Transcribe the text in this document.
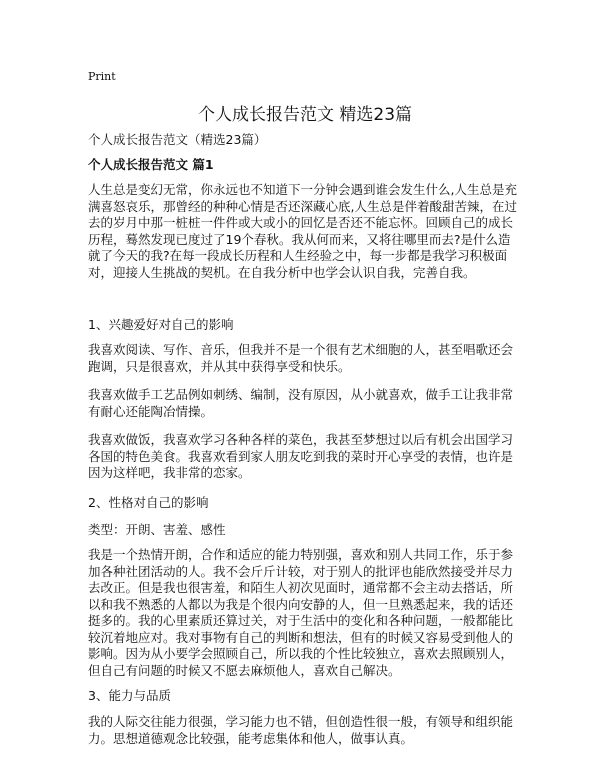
Print
个人成长报告范文 精选23篇

个人成长报告范文（精选23篇）

个人成长报告范文 篇1

人生总是变幻无常，你永远也不知道下一分钟会遇到谁会发生什么,人生总是充满喜怒哀乐，那曾经的种种心情是否还深藏心底,人生总是伴着酸甜苦辣，在过去的岁月中那一桩桩一件件或大或小的回忆是否还不能忘怀。回顾自己的成长历程，蓦然发现已度过了19个春秋。我从何而来，又将往哪里而去?是什么造就了今天的我?在每一段成长历程和人生经验之中，每一步都是我学习积极面对，迎接人生挑战的契机。在自我分析中也学会认识自我，完善自我。

1、兴趣爱好对自己的影响

我喜欢阅读、写作、音乐，但我并不是一个很有艺术细胞的人，甚至唱歌还会跑调，只是很喜欢，并从其中获得享受和快乐。

我喜欢做手工艺品例如刺绣、编制，没有原因，从小就喜欢，做手工让我非常有耐心还能陶冶情操。

我喜欢做饭，我喜欢学习各种各样的菜色，我甚至梦想过以后有机会出国学习各国的特色美食。我喜欢看到家人朋友吃到我的菜时开心享受的表情，也许是因为这样吧，我非常的恋家。

2、性格对自己的影响

类型：开朗、害羞、感性

我是一个热情开朗，合作和适应的能力特别强，喜欢和别人共同工作，乐于参加各种社团活动的人。我不会斤斤计较，对于别人的批评也能欣然接受并尽力去改正。但是我也很害羞，和陌生人初次见面时，通常都不会主动去搭话，所以和我不熟悉的人都以为我是个很内向安静的人，但一旦熟悉起来，我的话还挺多的。我的心里素质还算过关，对于生活中的变化和各种问题，一般都能比较沉着地应对。我对事物有自己的判断和想法，但有的时候又容易受到他人的影响。因为从小要学会照顾自己，所以我的个性比较独立，喜欢去照顾别人，但自己有问题的时候又不愿去麻烦他人，喜欢自己解决。

3、能力与品质

我的人际交往能力很强，学习能力也不错，但创造性很一般，有领导和组织能力。思想道德观念比较强，能考虑集体和他人，做事认真。
